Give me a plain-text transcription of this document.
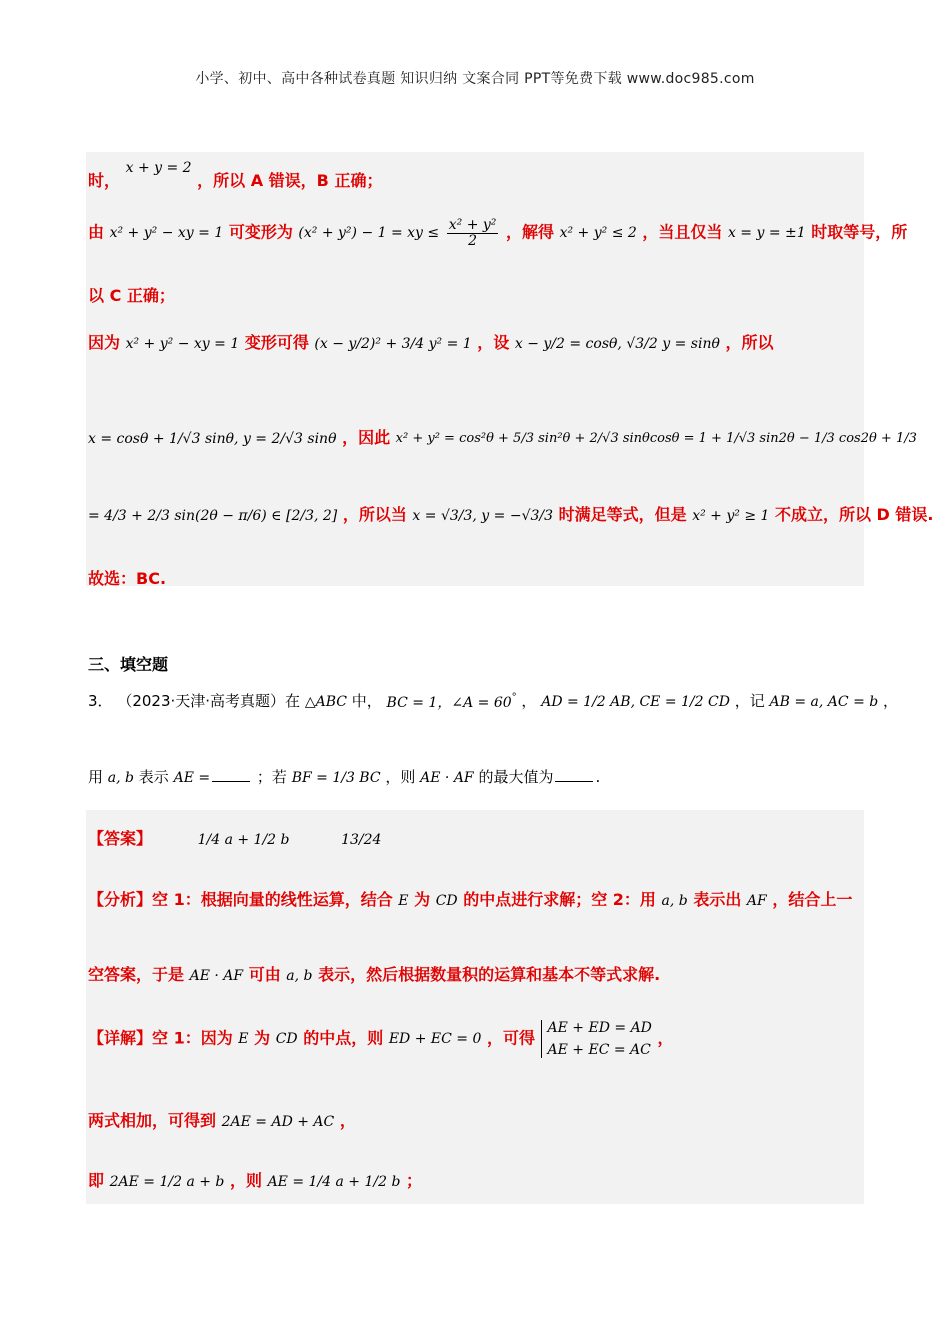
小学、初中、高中各种试卷真题 知识归纳 文案合同 PPT等免费下载 www.doc985.com
时， x + y = 2 ，所以 A 错误，B 正确；
由 x² + y² − xy = 1 可变形为 (x² + y²) − 1 = xy ≤ $\frac{\text{x² + y²}}{2}$ ，解得 x² + y² ≤ 2 ，当且仅当 x = y = ±1 时取等号，所
以 C 正确；
因为 x² + y² − xy = 1 变形可得 (x − y/2)² + 3/4 y² = 1 ，设 x − y/2 = cosθ, √3/2 y = sinθ ，所以
x = cosθ + 1/√3 sinθ, y = 2/√3 sinθ ，因此 x² + y² = cos²θ + 5/3 sin²θ + 2/√3 sinθcosθ = 1 + 1/√3 sin2θ − 1/3 cos2θ + 1/3
= 4/3 + 2/3 sin(2θ − π/6) ∈ [2/3, 2] ，所以当 x = √3/3, y = −√3/3 时满足等式，但是 x² + y² ≥ 1 不成立，所以 D 错误.
故选：BC.
三、填空题
3． （2023·天津·高考真题）在 △ABC 中， BC = 1，∠A = 60° ， AD = 1/2 AB, CE = 1/2 CD ，记 AB = a, AC = b ，
用 a, b 表示 AE =	；若 BF = 1/3 BC ，则 AE · AF 的最大值为	.
【答案】	1/4 a + 1/2 b	13/24
【分析】空 1：根据向量的线性运算，结合 E 为 CD 的中点进行求解；空 2：用 a, b 表示出 AF ，结合上一
空答案，于是 AE · AF 可由 a, b 表示，然后根据数量积的运算和基本不等式求解.
【详解】空 1：因为 E 为 CD 的中点，则 ED + EC = 0 ，可得
AE + ED = AD
AE + EC = AC
，
两式相加，可得到 2AE = AD + AC ，
即 2AE = 1/2 a + b ，则 AE = 1/4 a + 1/2 b ；
